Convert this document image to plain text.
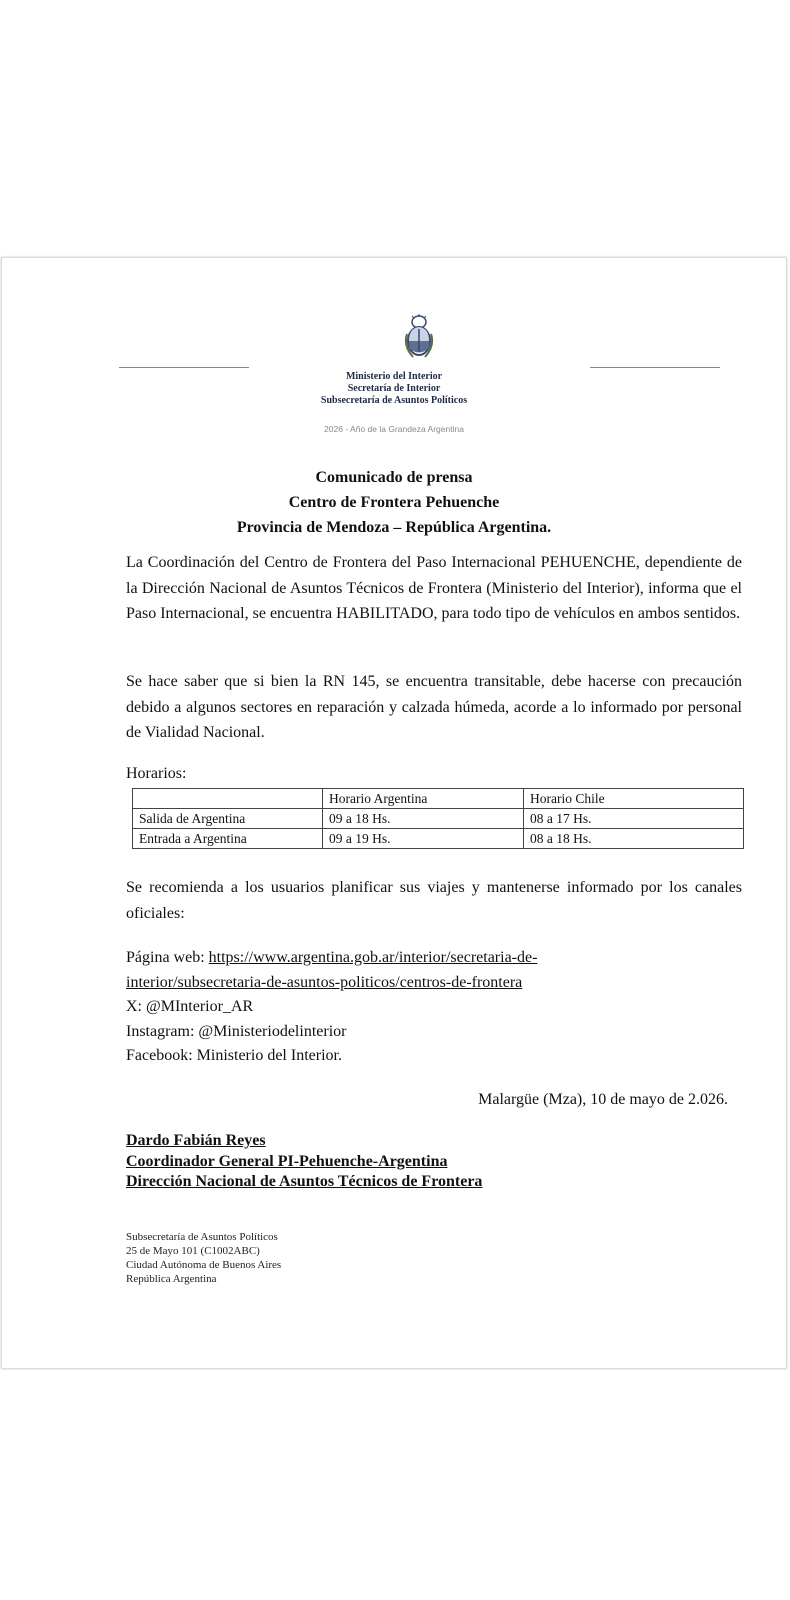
Ministerio del Interior
Secretaría de Interior
Subsecretaría de Asuntos Políticos
2026 - Año de la Grandeza Argentina
Comunicado de prensa
Centro de Frontera Pehuenche
Provincia de Mendoza – República Argentina.

La Coordinación del Centro de Frontera del Paso Internacional PEHUENCHE, dependiente de la Dirección Nacional de Asuntos Técnicos de Frontera (Ministerio del Interior), informa que el Paso Internacional, se encuentra HABILITADO, para todo tipo de vehículos en ambos sentidos.

Se hace saber que si bien la RN 145, se encuentra transitable, debe hacerse con precaución debido a algunos sectores en reparación y calzada húmeda, acorde a lo informado por personal de Vialidad Nacional.

Horarios:
	Horario Argentina	Horario Chile
Salida de Argentina	09 a 18 Hs.	08 a 17 Hs.
Entrada a Argentina	09 a 19 Hs.	08 a 18 Hs.

Se recomienda a los usuarios planificar sus viajes y mantenerse informado por los canales oficiales:

Página web: https://www.argentina.gob.ar/interior/secretaria-de-
interior/subsecretaria-de-asuntos-politicos/centros-de-frontera
X: @MInterior_AR
Instagram: @Ministeriodelinterior
Facebook: Ministerio del Interior.
Malargüe (Mza), 10 de mayo de 2.026.
Dardo Fabián Reyes
Coordinador General PI-Pehuenche-Argentina
Dirección Nacional de Asuntos Técnicos de Frontera
Subsecretaría de Asuntos Políticos
25 de Mayo 101 (C1002ABC)
Ciudad Autónoma de Buenos Aires
República Argentina
